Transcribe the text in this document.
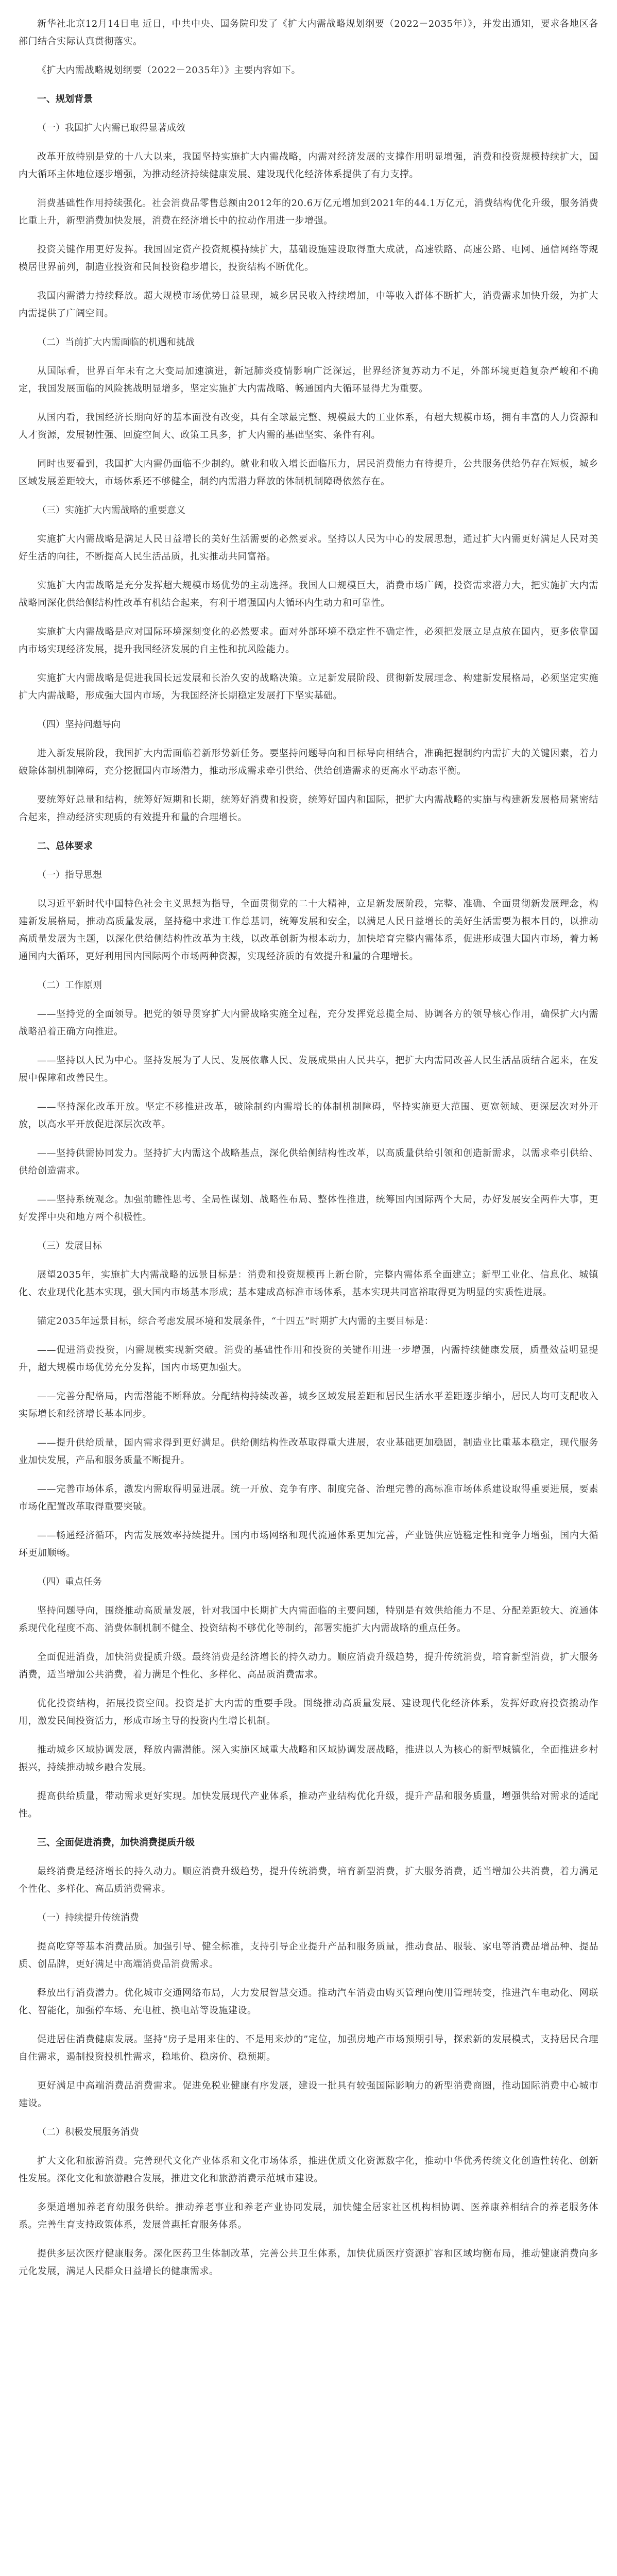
新华社北京12月14日电 近日，中共中央、国务院印发了《扩大内需战略规划纲要（2022－2035年）》，并发出通知，要求各地区各部门结合实际认真贯彻落实。

《扩大内需战略规划纲要（2022－2035年）》主要内容如下。

一、规划背景

（一）我国扩大内需已取得显著成效

改革开放特别是党的十八大以来，我国坚持实施扩大内需战略，内需对经济发展的支撑作用明显增强，消费和投资规模持续扩大，国内大循环主体地位逐步增强，为推动经济持续健康发展、建设现代化经济体系提供了有力支撑。

消费基础性作用持续强化。社会消费品零售总额由2012年的20.6万亿元增加到2021年的44.1万亿元，消费结构优化升级，服务消费比重上升，新型消费加快发展，消费在经济增长中的拉动作用进一步增强。

投资关键作用更好发挥。我国固定资产投资规模持续扩大，基础设施建设取得重大成就，高速铁路、高速公路、电网、通信网络等规模居世界前列，制造业投资和民间投资稳步增长，投资结构不断优化。

我国内需潜力持续释放。超大规模市场优势日益显现，城乡居民收入持续增加，中等收入群体不断扩大，消费需求加快升级，为扩大内需提供了广阔空间。

（二）当前扩大内需面临的机遇和挑战

从国际看，世界百年未有之大变局加速演进，新冠肺炎疫情影响广泛深远，世界经济复苏动力不足，外部环境更趋复杂严峻和不确定，我国发展面临的风险挑战明显增多，坚定实施扩大内需战略、畅通国内大循环显得尤为重要。

从国内看，我国经济长期向好的基本面没有改变，具有全球最完整、规模最大的工业体系，有超大规模市场，拥有丰富的人力资源和人才资源，发展韧性强、回旋空间大、政策工具多，扩大内需的基础坚实、条件有利。

同时也要看到，我国扩大内需仍面临不少制约。就业和收入增长面临压力，居民消费能力有待提升，公共服务供给仍存在短板，城乡区域发展差距较大，市场体系还不够健全，制约内需潜力释放的体制机制障碍依然存在。

（三）实施扩大内需战略的重要意义

实施扩大内需战略是满足人民日益增长的美好生活需要的必然要求。坚持以人民为中心的发展思想，通过扩大内需更好满足人民对美好生活的向往，不断提高人民生活品质，扎实推动共同富裕。

实施扩大内需战略是充分发挥超大规模市场优势的主动选择。我国人口规模巨大，消费市场广阔，投资需求潜力大，把实施扩大内需战略同深化供给侧结构性改革有机结合起来，有利于增强国内大循环内生动力和可靠性。

实施扩大内需战略是应对国际环境深刻变化的必然要求。面对外部环境不稳定性不确定性，必须把发展立足点放在国内，更多依靠国内市场实现经济发展，提升我国经济发展的自主性和抗风险能力。

实施扩大内需战略是促进我国长远发展和长治久安的战略决策。立足新发展阶段、贯彻新发展理念、构建新发展格局，必须坚定实施扩大内需战略，形成强大国内市场，为我国经济长期稳定发展打下坚实基础。

（四）坚持问题导向

进入新发展阶段，我国扩大内需面临着新形势新任务。要坚持问题导向和目标导向相结合，准确把握制约内需扩大的关键因素，着力破除体制机制障碍，充分挖掘国内市场潜力，推动形成需求牵引供给、供给创造需求的更高水平动态平衡。

要统筹好总量和结构，统筹好短期和长期，统筹好消费和投资，统筹好国内和国际，把扩大内需战略的实施与构建新发展格局紧密结合起来，推动经济实现质的有效提升和量的合理增长。

二、总体要求

（一）指导思想

以习近平新时代中国特色社会主义思想为指导，全面贯彻党的二十大精神，立足新发展阶段，完整、准确、全面贯彻新发展理念，构建新发展格局，推动高质量发展，坚持稳中求进工作总基调，统筹发展和安全，以满足人民日益增长的美好生活需要为根本目的，以推动高质量发展为主题，以深化供给侧结构性改革为主线，以改革创新为根本动力，加快培育完整内需体系，促进形成强大国内市场，着力畅通国内大循环，更好利用国内国际两个市场两种资源，实现经济质的有效提升和量的合理增长。

（二）工作原则

——坚持党的全面领导。把党的领导贯穿扩大内需战略实施全过程，充分发挥党总揽全局、协调各方的领导核心作用，确保扩大内需战略沿着正确方向推进。

——坚持以人民为中心。坚持发展为了人民、发展依靠人民、发展成果由人民共享，把扩大内需同改善人民生活品质结合起来，在发展中保障和改善民生。

——坚持深化改革开放。坚定不移推进改革，破除制约内需增长的体制机制障碍，坚持实施更大范围、更宽领域、更深层次对外开放，以高水平开放促进深层次改革。

——坚持供需协同发力。坚持扩大内需这个战略基点，深化供给侧结构性改革，以高质量供给引领和创造新需求，以需求牵引供给、供给创造需求。

——坚持系统观念。加强前瞻性思考、全局性谋划、战略性布局、整体性推进，统筹国内国际两个大局，办好发展安全两件大事，更好发挥中央和地方两个积极性。

（三）发展目标

展望2035年，实施扩大内需战略的远景目标是：消费和投资规模再上新台阶，完整内需体系全面建立；新型工业化、信息化、城镇化、农业现代化基本实现，强大国内市场基本形成；基本建成高标准市场体系，基本实现共同富裕取得更为明显的实质性进展。

锚定2035年远景目标，综合考虑发展环境和发展条件，“十四五”时期扩大内需的主要目标是：

——促进消费投资，内需规模实现新突破。消费的基础性作用和投资的关键作用进一步增强，内需持续健康发展，质量效益明显提升，超大规模市场优势充分发挥，国内市场更加强大。

——完善分配格局，内需潜能不断释放。分配结构持续改善，城乡区域发展差距和居民生活水平差距逐步缩小，居民人均可支配收入实际增长和经济增长基本同步。

——提升供给质量，国内需求得到更好满足。供给侧结构性改革取得重大进展，农业基础更加稳固，制造业比重基本稳定，现代服务业加快发展，产品和服务质量不断提升。

——完善市场体系，激发内需取得明显进展。统一开放、竞争有序、制度完备、治理完善的高标准市场体系建设取得重要进展，要素市场化配置改革取得重要突破。

——畅通经济循环，内需发展效率持续提升。国内市场网络和现代流通体系更加完善，产业链供应链稳定性和竞争力增强，国内大循环更加顺畅。

（四）重点任务

坚持问题导向，围绕推动高质量发展，针对我国中长期扩大内需面临的主要问题，特别是有效供给能力不足、分配差距较大、流通体系现代化程度不高、消费体制机制不健全、投资结构不够优化等制约，部署实施扩大内需战略的重点任务。

全面促进消费，加快消费提质升级。最终消费是经济增长的持久动力。顺应消费升级趋势，提升传统消费，培育新型消费，扩大服务消费，适当增加公共消费，着力满足个性化、多样化、高品质消费需求。

优化投资结构，拓展投资空间。投资是扩大内需的重要手段。围绕推动高质量发展、建设现代化经济体系，发挥好政府投资撬动作用，激发民间投资活力，形成市场主导的投资内生增长机制。

推动城乡区域协调发展，释放内需潜能。深入实施区域重大战略和区域协调发展战略，推进以人为核心的新型城镇化，全面推进乡村振兴，持续推动城乡融合发展。

提高供给质量，带动需求更好实现。加快发展现代产业体系，推动产业结构优化升级，提升产品和服务质量，增强供给对需求的适配性。

三、全面促进消费，加快消费提质升级

最终消费是经济增长的持久动力。顺应消费升级趋势，提升传统消费，培育新型消费，扩大服务消费，适当增加公共消费，着力满足个性化、多样化、高品质消费需求。

（一）持续提升传统消费

提高吃穿等基本消费品质。加强引导、健全标准，支持引导企业提升产品和服务质量，推动食品、服装、家电等消费品增品种、提品质、创品牌，更好满足中高端消费品消费需求。

释放出行消费潜力。优化城市交通网络布局，大力发展智慧交通。推动汽车消费由购买管理向使用管理转变，推进汽车电动化、网联化、智能化，加强停车场、充电桩、换电站等设施建设。

促进居住消费健康发展。坚持“房子是用来住的、不是用来炒的”定位，加强房地产市场预期引导，探索新的发展模式，支持居民合理自住需求，遏制投资投机性需求，稳地价、稳房价、稳预期。

更好满足中高端消费品消费需求。促进免税业健康有序发展，建设一批具有较强国际影响力的新型消费商圈，推动国际消费中心城市建设。

（二）积极发展服务消费

扩大文化和旅游消费。完善现代文化产业体系和文化市场体系，推进优质文化资源数字化，推动中华优秀传统文化创造性转化、创新性发展。深化文化和旅游融合发展，推进文化和旅游消费示范城市建设。

多渠道增加养老育幼服务供给。推动养老事业和养老产业协同发展，加快健全居家社区机构相协调、医养康养相结合的养老服务体系。完善生育支持政策体系，发展普惠托育服务体系。

提供多层次医疗健康服务。深化医药卫生体制改革，完善公共卫生体系，加快优质医疗资源扩容和区域均衡布局，推动健康消费向多元化发展，满足人民群众日益增长的健康需求。
